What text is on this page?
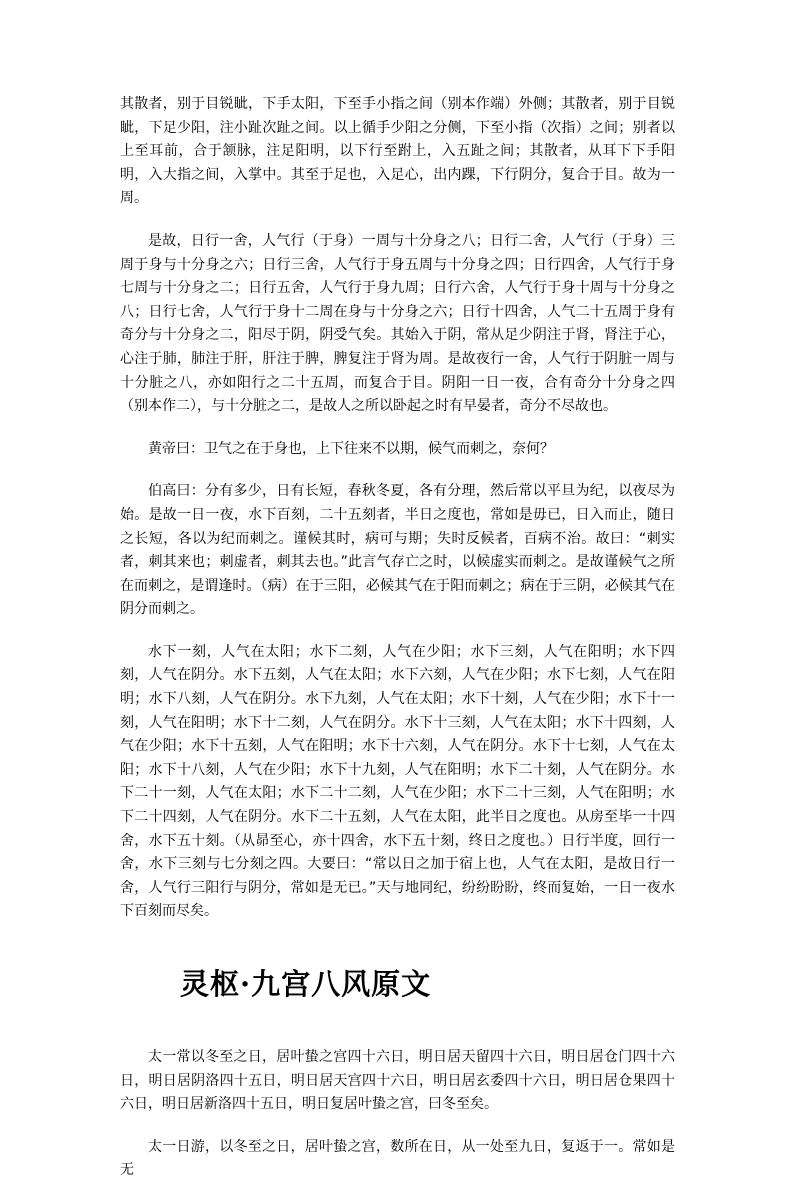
其散者，别于目锐眦，下手太阳，下至手小指之间（别本作端）外侧；其散者，别于目锐眦，下足少阳，注小趾次趾之间。以上循手少阳之分侧，下至小指（次指）之间；别者以上至耳前，合于颔脉，注足阳明，以下行至跗上，入五趾之间；其散者，从耳下下手阳明，入大指之间，入掌中。其至于足也，入足心，出内踝，下行阴分，复合于目。故为一周。

是故，日行一舍，人气行（于身）一周与十分身之八；日行二舍，人气行（于身）三周于身与十分身之六；日行三舍，人气行于身五周与十分身之四；日行四舍，人气行于身七周与十分身之二；日行五舍，人气行于身九周；日行六舍，人气行于身十周与十分身之八；日行七舍，人气行于身十二周在身与十分身之六；日行十四舍，人气二十五周于身有奇分与十分身之二，阳尽于阴，阴受气矣。其始入于阴，常从足少阴注于肾，肾注于心，心注于肺，肺注于肝，肝注于脾，脾复注于肾为周。是故夜行一舍，人气行于阴脏一周与十分脏之八，亦如阳行之二十五周，而复合于目。阴阳一日一夜，合有奇分十分身之四（别本作二），与十分脏之二，是故人之所以卧起之时有早晏者，奇分不尽故也。

黄帝曰：卫气之在于身也，上下往来不以期，候气而刺之，奈何？

伯高曰：分有多少，日有长短，春秋冬夏，各有分理，然后常以平旦为纪，以夜尽为始。是故一日一夜，水下百刻，二十五刻者，半日之度也，常如是毋已，日入而止，随日之长短，各以为纪而刺之。谨候其时，病可与期；失时反候者，百病不治。故曰：“刺实者，刺其来也；刺虚者，刺其去也。”此言气存亡之时，以候虚实而刺之。是故谨候气之所在而刺之，是谓逢时。（病）在于三阳，必候其气在于阳而刺之；病在于三阴，必候其气在阴分而刺之。

水下一刻，人气在太阳；水下二刻，人气在少阳；水下三刻，人气在阳明；水下四刻，人气在阴分。水下五刻，人气在太阳；水下六刻，人气在少阳；水下七刻，人气在阳明；水下八刻，人气在阴分。水下九刻，人气在太阳；水下十刻，人气在少阳；水下十一刻，人气在阳明；水下十二刻，人气在阴分。水下十三刻，人气在太阳；水下十四刻，人气在少阳；水下十五刻，人气在阳明；水下十六刻，人气在阴分。水下十七刻，人气在太阳；水下十八刻，人气在少阳；水下十九刻，人气在阳明；水下二十刻，人气在阴分。水下二十一刻，人气在太阳；水下二十二刻，人气在少阳；水下二十三刻，人气在阳明；水下二十四刻，人气在阴分。水下二十五刻，人气在太阳，此半日之度也。从房至毕一十四舍，水下五十刻。（从昴至心，亦十四舍，水下五十刻，终日之度也。）日行半度，回行一舍，水下三刻与七分刻之四。大要曰：“常以日之加于宿上也，人气在太阳，是故日行一舍，人气行三阳行与阴分，常如是无已。”天与地同纪，纷纷盼盼，终而复始，一日一夜水下百刻而尽矣。

灵枢·九宫八风原文

太一常以冬至之日，居叶蛰之宫四十六日，明日居天留四十六日，明日居仓门四十六日，明日居阴洛四十五日，明日居天宫四十六日，明日居玄委四十六日，明日居仓果四十六日，明日居新洛四十五日，明日复居叶蛰之宫，曰冬至矣。

太一日游，以冬至之日，居叶蛰之宫，数所在日，从一处至九日，复返于一。常如是无
